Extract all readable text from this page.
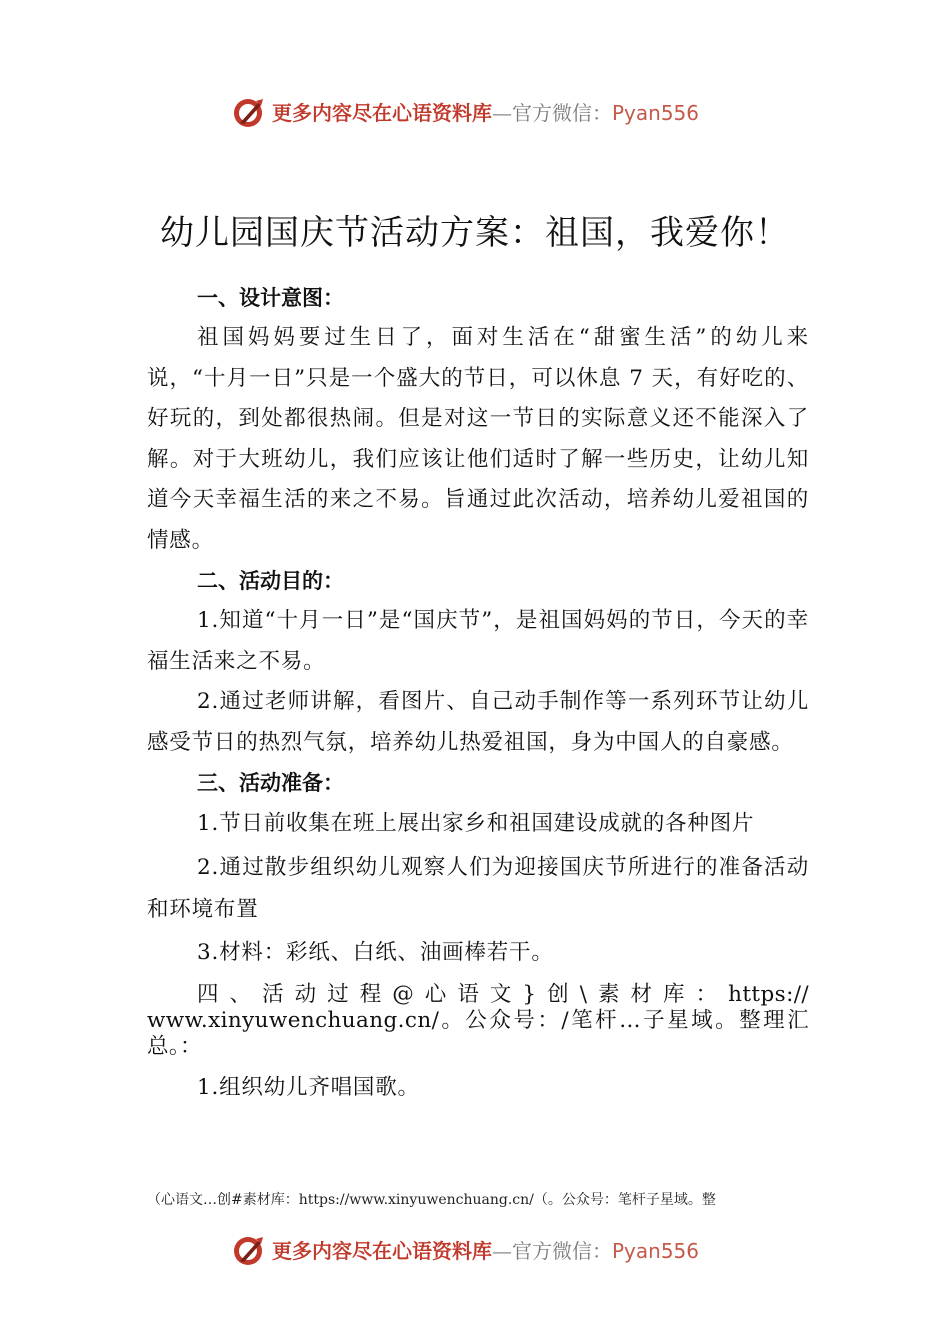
更多内容尽在心语资料库—官方微信：Pyan556
幼儿园国庆节活动方案：祖国，我爱你！

一、设计意图：

祖国妈妈要过生日了，面对生活在“甜蜜生活”的幼儿来说，“十月一日”只是一个盛大的节日，可以休息 7 天，有好吃的、好玩的，到处都很热闹。但是对这一节日的实际意义还不能深入了解。对于大班幼儿，我们应该让他们适时了解一些历史，让幼儿知道今天幸福生活的来之不易。旨通过此次活动，培养幼儿爱祖国的情感。

二、活动目的：

1.知道“十月一日”是“国庆节”，是祖国妈妈的节日，今天的幸福生活来之不易。

2.通过老师讲解，看图片、自己动手制作等一系列环节让幼儿感受节日的热烈气氛，培养幼儿热爱祖国，身为中国人的自豪感。

三、活动准备：

1.节日前收集在班上展出家乡和祖国建设成就的各种图片

2.通过散步组织幼儿观察人们为迎接国庆节所进行的准备活动和环境布置

3.材料：彩纸、白纸、油画棒若干。

四、活动过程@心语文}创\素材库：https:// www.xinyuwenchuang.cn/。公众号：/笔杆…子星域。整理汇总。：

1.组织幼儿齐唱国歌。

（心语文…创#素材库：https://www.xinyuwenchuang.cn/（。公众号：笔杆子星域。整
更多内容尽在心语资料库—官方微信：Pyan556
